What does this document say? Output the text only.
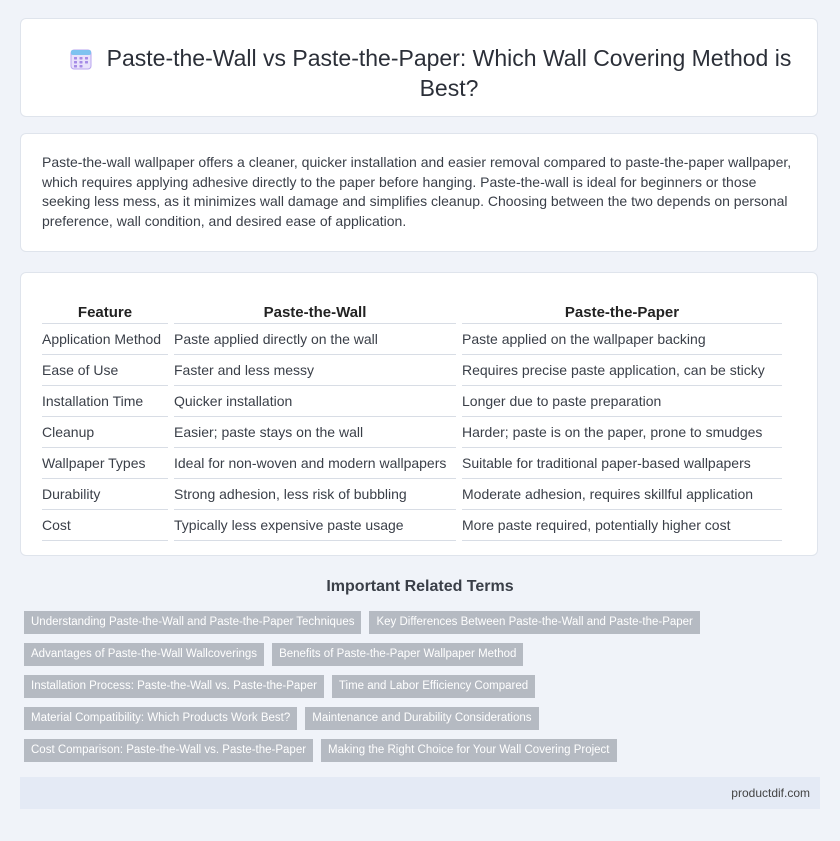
Paste-the-Wall vs Paste-the-Paper: Which Wall Covering Method is Best?

Paste-the-wall wallpaper offers a cleaner, quicker installation and easier removal compared to paste-the-paper wallpaper, which requires applying adhesive directly to the paper before hanging. Paste-the-wall is ideal for beginners or those seeking less mess, as it minimizes wall damage and simplifies cleanup. Choosing between the two depends on personal preference, wall condition, and desired ease of application.

Feature	Paste-the-Wall	Paste-the-Paper
Application Method	Paste applied directly on the wall	Paste applied on the wallpaper backing
Ease of Use	Faster and less messy	Requires precise paste application, can be sticky
Installation Time	Quicker installation	Longer due to paste preparation
Cleanup	Easier; paste stays on the wall	Harder; paste is on the paper, prone to smudges
Wallpaper Types	Ideal for non-woven and modern wallpapers	Suitable for traditional paper-based wallpapers
Durability	Strong adhesion, less risk of bubbling	Moderate adhesion, requires skillful application
Cost	Typically less expensive paste usage	More paste required, potentially higher cost
Important Related Terms
Understanding Paste-the-Wall and Paste-the-Paper Techniques	Key Differences Between Paste-the-Wall and Paste-the-Paper
Advantages of Paste-the-Wall Wallcoverings	Benefits of Paste-the-Paper Wallpaper Method
Installation Process: Paste-the-Wall vs. Paste-the-Paper	Time and Labor Efficiency Compared
Material Compatibility: Which Products Work Best?	Maintenance and Durability Considerations
Cost Comparison: Paste-the-Wall vs. Paste-the-Paper	Making the Right Choice for Your Wall Covering Project
productdif.com
